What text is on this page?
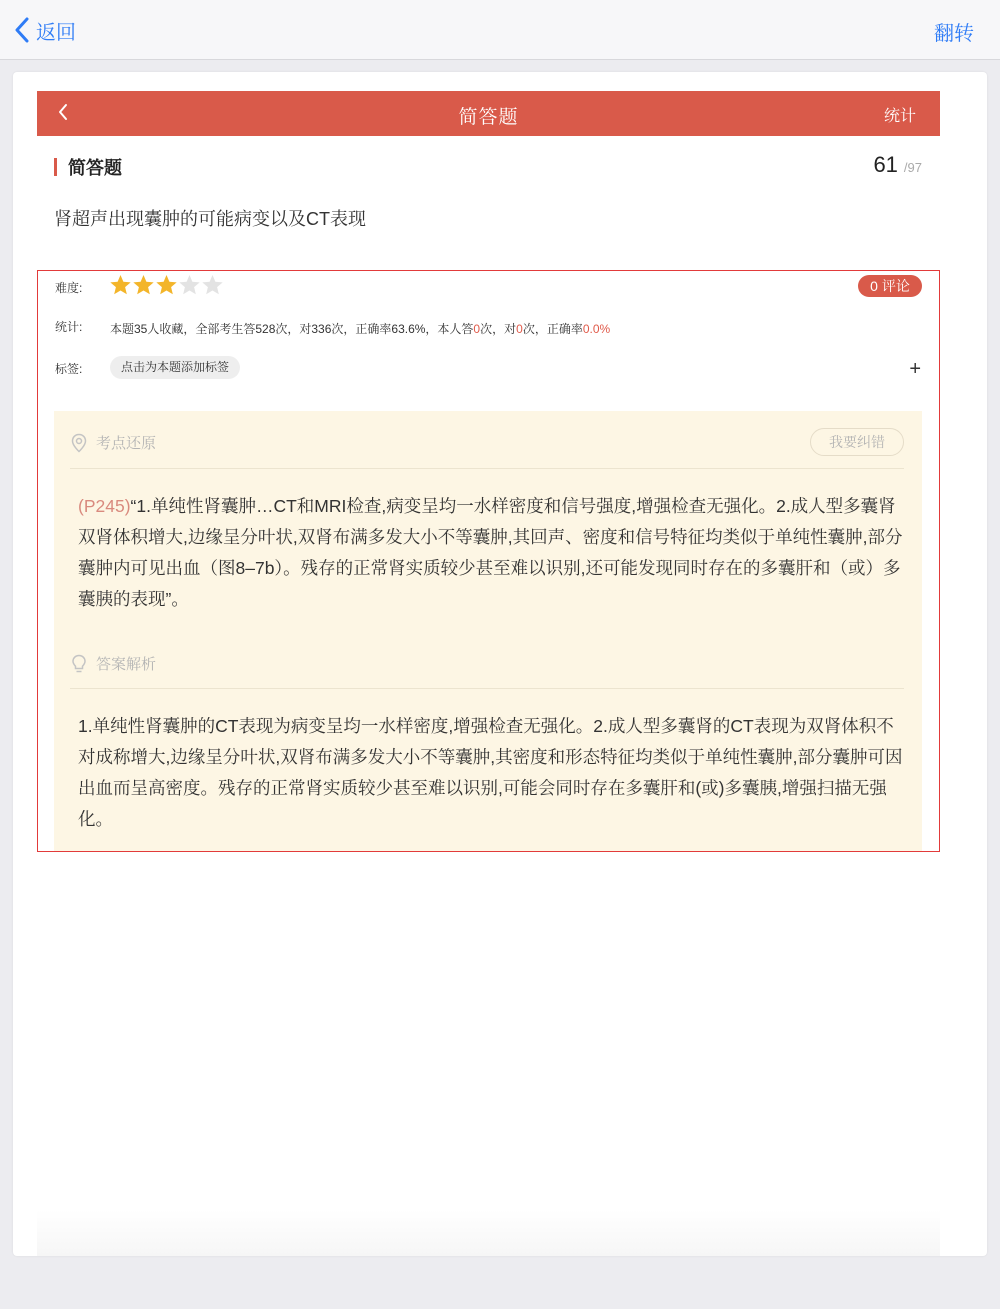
返回	翻转
简答题	统计
简答题	61 /97
肾超声出现囊肿的可能病变以及CT表现
难度:	0 评论
统计: 本题35人收藏，全部考生答528次，对336次，正确率63.6%，本人答0次，对0次，正确率0.0%
标签:	点击为本题添加标签	+
考点还原	我要纠错
(P245)“1.单纯性肾囊肿…CT和MRI检查,病变呈均一水样密度和信号强度,增强检查无强化。2.成人型多囊肾双肾体积增大,边缘呈分叶状,双肾布满多发大小不等囊肿,其回声、密度和信号特征均类似于单纯性囊肿,部分囊肿内可见出血（图8–7b）。残存的正常肾实质较少甚至难以识别,还可能发现同时存在的多囊肝和（或）多囊胰的表现”。
答案解析
1.单纯性肾囊肿的CT表现为病变呈均一水样密度,增强检查无强化。2.成人型多囊肾的CT表现为双肾体积不对成称增大,边缘呈分叶状,双肾布满多发大小不等囊肿,其密度和形态特征均类似于单纯性囊肿,部分囊肿可因出血而呈高密度。残存的正常肾实质较少甚至难以识别,可能会同时存在多囊肝和(或)多囊胰,增强扫描无强化。
